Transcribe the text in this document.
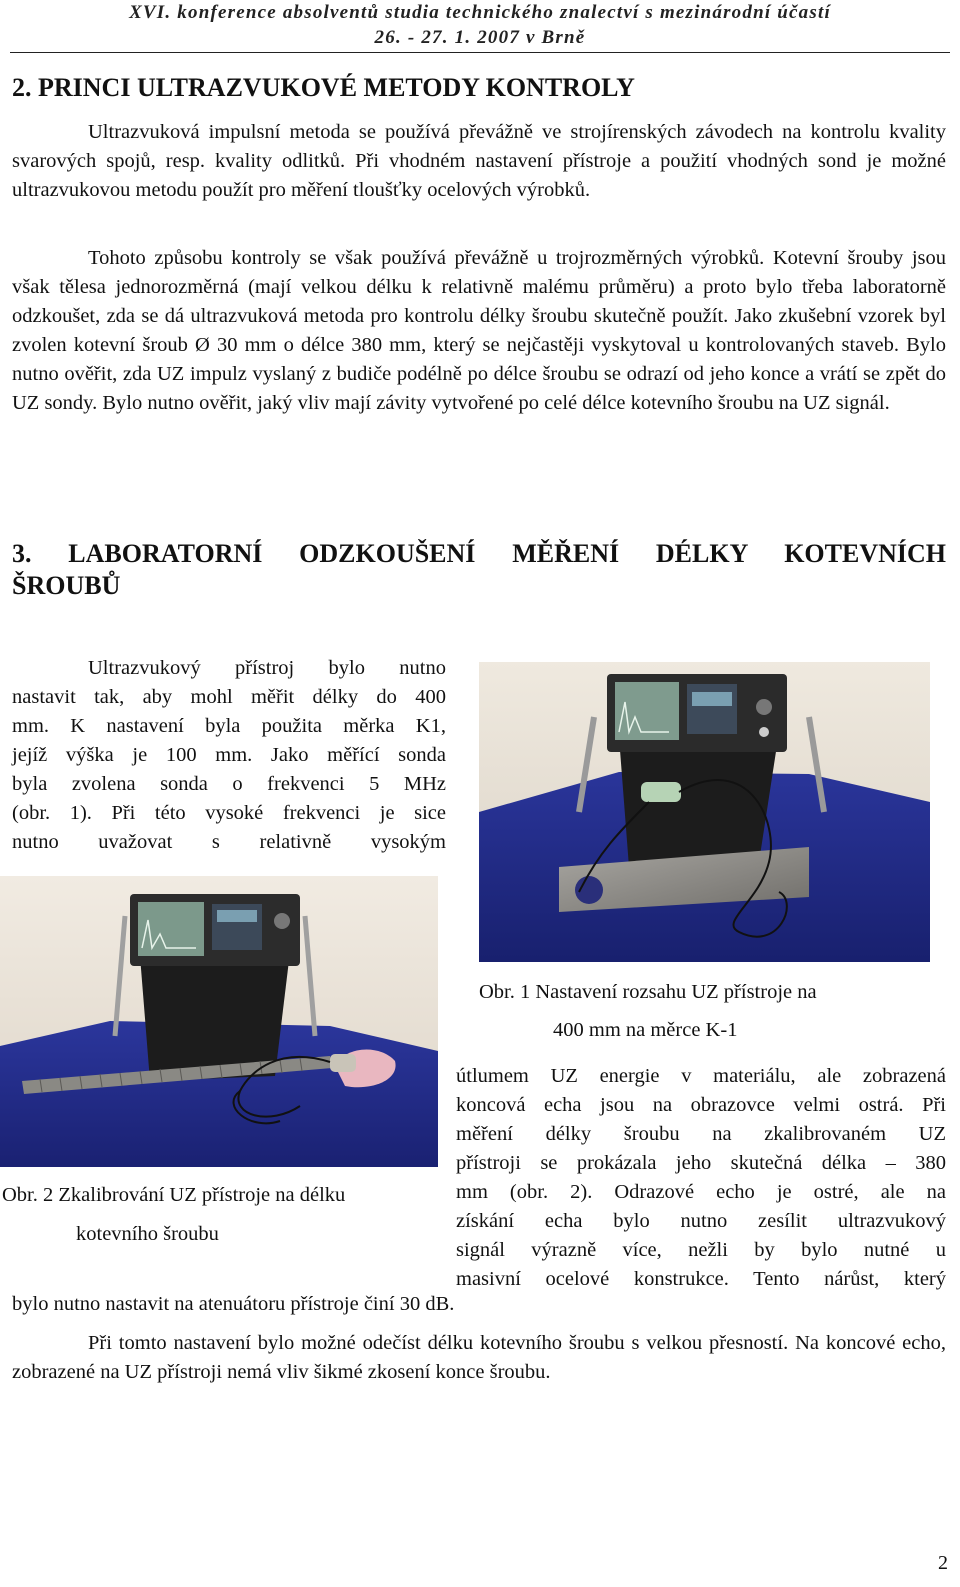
XVI. konference absolventů studia technického znalectví s mezinárodní účastí
26. - 27. 1. 2007 v Brně
2. PRINCI ULTRAZVUKOVÉ METODY KONTROLY
Ultrazvuková impulsní metoda se používá převážně ve strojírenských závodech na kontrolu kvality svarových spojů, resp. kvality odlitků. Při vhodném nastavení přístroje a použití vhodných sond je možné ultrazvukovou metodu použít pro měření tloušťky ocelových výrobků.
Tohoto způsobu kontroly se však používá převážně u trojrozměrných výrobků. Kotevní šrouby jsou však tělesa jednorozměrná (mají velkou délku k relativně malému průměru) a proto bylo třeba laboratorně odzkoušet, zda se dá ultrazvuková metoda pro kontrolu délky šroubu skutečně použít. Jako zkušební vzorek byl zvolen kotevní šroub Ø 30 mm o délce 380 mm, který se nejčastěji vyskytoval u kontrolovaných staveb. Bylo nutno ověřit, zda UZ impulz vyslaný z budiče podélně po délce šroubu se odrazí od jeho konce a vrátí se zpět do UZ sondy. Bylo nutno ověřit, jaký vliv mají závity vytvořené po celé délce kotevního šroubu na UZ signál.
3. LABORATORNÍ ODZKOUŠENÍ MĚŘENÍ DÉLKY KOTEVNÍCH
ŠROUBŮ
Ultrazvukový přístroj bylo nutno
nastavit tak, aby mohl měřit délky do 400
mm. K nastavení byla použita měrka K1,
jejíž výška je 100 mm. Jako měřící sonda
byla zvolena sonda o frekvenci 5 MHz
(obr. 1). Při této vysoké frekvenci je sice
nutno uvažovat s relativně vysokým
Obr. 1 Nastavení rozsahu UZ přístroje na
400 mm na měrce K-1
Obr. 2 Zkalibrování UZ přístroje na délku
kotevního šroubu
útlumem UZ energie v materiálu, ale zobrazená
koncová echa jsou na obrazovce velmi ostrá. Při
měření délky šroubu na zkalibrovaném UZ
přístroji se prokázala jeho skutečná délka – 380
mm (obr. 2). Odrazové echo je ostré, ale na
získání echa bylo nutno zesílit ultrazvukový
signál výrazně více, nežli by bylo nutné u
masivní ocelové konstrukce. Tento nárůst, který
bylo nutno nastavit na atenuátoru přístroje činí 30 dB.
Při tomto nastavení bylo možné odečíst délku kotevního šroubu s velkou přesností. Na koncové echo, zobrazené na UZ přístroji nemá vliv šikmé zkosení konce šroubu.
2
